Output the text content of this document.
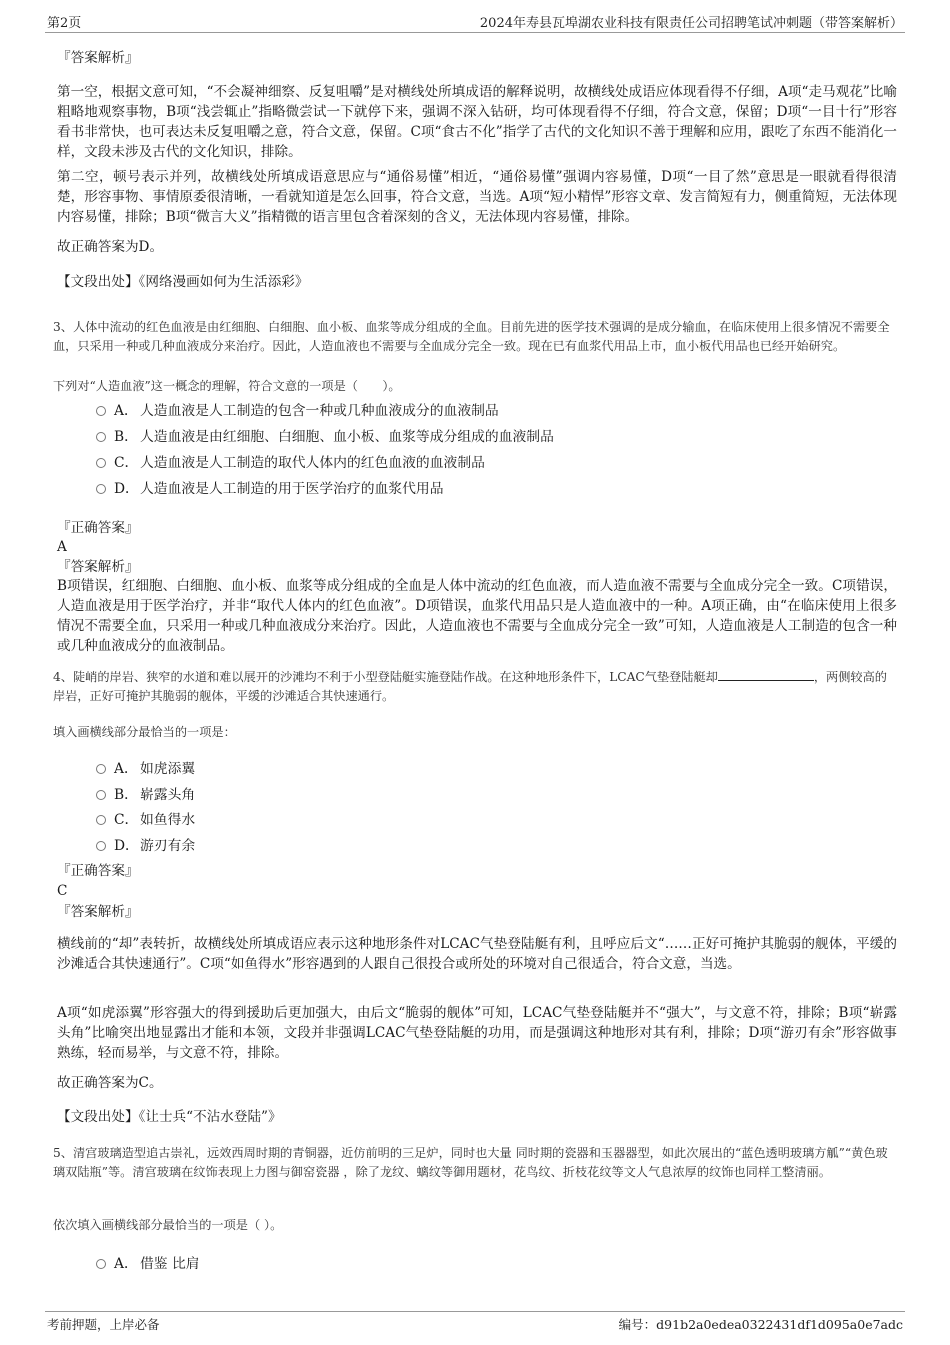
第2页	2024年寿县瓦埠湖农业科技有限责任公司招聘笔试冲刺题（带答案解析）
『答案解析』
第一空，根据文意可知，“不会凝神细察、反复咀嚼”是对横线处所填成语的解释说明，故横线处成语应体现看得不仔细，A项“走马观花”比喻粗略地观察事物，B项“浅尝辄止”指略微尝试一下就停下来，强调不深入钻研，均可体现看得不仔细，符合文意，保留；D项“一目十行”形容看书非常快，也可表达未反复咀嚼之意，符合文意，保留。C项“食古不化”指学了古代的文化知识不善于理解和应用，跟吃了东西不能消化一样，文段未涉及古代的文化知识，排除。
第二空，顿号表示并列，故横线处所填成语意思应与“通俗易懂”相近，“通俗易懂”强调内容易懂，D项“一目了然”意思是一眼就看得很清楚，形容事物、事情原委很清晰，一看就知道是怎么回事，符合文意，当选。A项“短小精悍”形容文章、发言简短有力，侧重简短，无法体现内容易懂，排除；B项“微言大义”指精微的语言里包含着深刻的含义，无法体现内容易懂，排除。
故正确答案为D。
【文段出处】《网络漫画如何为生活添彩》
3、人体中流动的红色血液是由红细胞、白细胞、血小板、血浆等成分组成的全血。目前先进的医学技术强调的是成分输血，在临床使用上很多情况不需要全血，只采用一种或几种血液成分来治疗。因此，人造血液也不需要与全血成分完全一致。现在已有血浆代用品上市，血小板代用品也已经开始研究。
下列对“人造血液”这一概念的理解，符合文意的一项是（　　）。
A． 人造血液是人工制造的包含一种或几种血液成分的血液制品
B． 人造血液是由红细胞、白细胞、血小板、血浆等成分组成的血液制品
C． 人造血液是人工制造的取代人体内的红色血液的血液制品
D．人造血液是人工制造的用于医学治疗的血浆代用品
『正确答案』
A
『答案解析』
B项错误，红细胞、白细胞、血小板、血浆等成分组成的全血是人体中流动的红色血液，而人造血液不需要与全血成分完全一致。C项错误，人造血液是用于医学治疗，并非“取代人体内的红色血液”。D项错误，血浆代用品只是人造血液中的一种。A项正确，由“在临床使用上很多情况不需要全血，只采用一种或几种血液成分来治疗。因此，人造血液也不需要与全血成分完全一致”可知，人造血液是人工制造的包含一种或几种血液成分的血液制品。
4、陡峭的岸岩、狭窄的水道和难以展开的沙滩均不利于小型登陆艇实施登陆作战。在这种地形条件下，LCAC气垫登陆艇却	，两侧较高的岸岩，正好可掩护其脆弱的舰体，平缓的沙滩适合其快速通行。
填入画横线部分最恰当的一项是：
A． 如虎添翼
B． 崭露头角
C． 如鱼得水
D．游刃有余
『正确答案』
C
『答案解析』
横线前的“却”表转折，故横线处所填成语应表示这种地形条件对LCAC气垫登陆艇有利，且呼应后文“……正好可掩护其脆弱的舰体，平缓的沙滩适合其快速通行”。C项“如鱼得水”形容遇到的人跟自己很投合或所处的环境对自己很适合，符合文意，当选。
A项“如虎添翼”形容强大的得到援助后更加强大，由后文“脆弱的舰体”可知，LCAC气垫登陆艇并不“强大”，与文意不符，排除；B项“崭露头角”比喻突出地显露出才能和本领，文段并非强调LCAC气垫登陆艇的功用，而是强调这种地形对其有利，排除；D项“游刃有余”形容做事熟练，轻而易举，与文意不符，排除。
故正确答案为C。
【文段出处】《让士兵“不沾水登陆”》
5、清宫玻璃造型追古崇礼，远效西周时期的青铜器，近仿前明的三足炉，同时也大量 同时期的瓷器和玉器器型，如此次展出的“蓝色透明玻璃方觚”“黄色玻璃双陆瓶”等。清宫玻璃在纹饰表现上力图与御窑瓷器 ，除了龙纹、螭纹等御用题材，花鸟纹、折枝花纹等文人气息浓厚的纹饰也同样工整清丽。
依次填入画横线部分最恰当的一项是（ ）。
A． 借鉴 比肩
考前押题，上岸必备	编号：d91b2a0edea0322431df1d095a0e7adc
